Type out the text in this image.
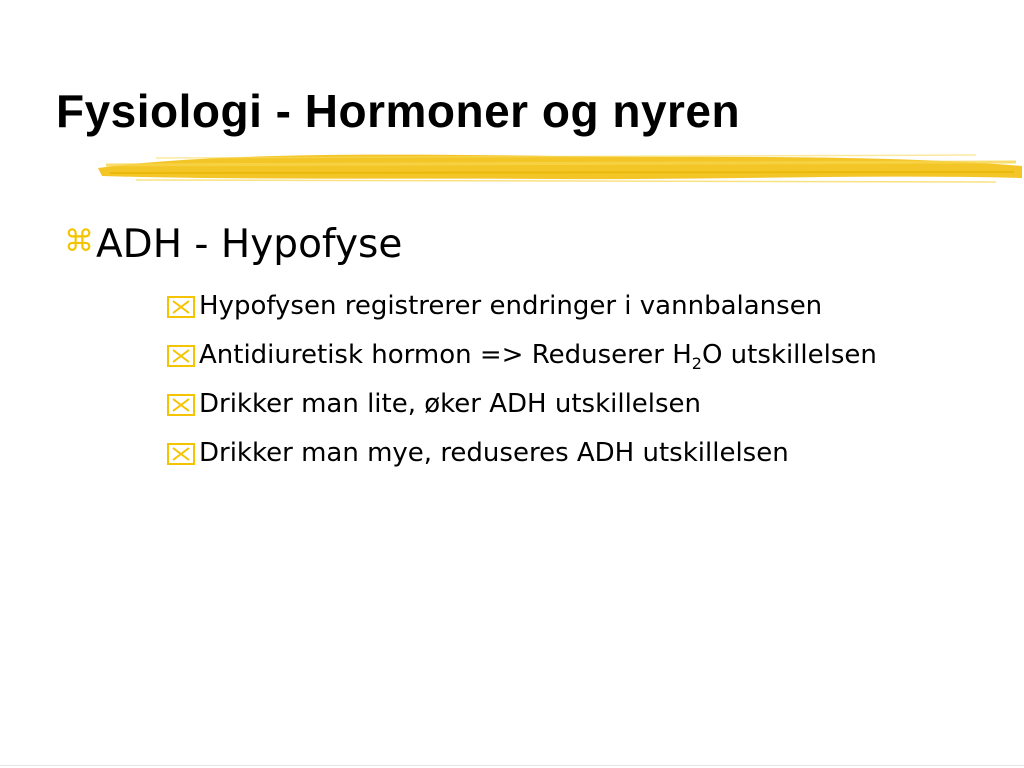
Fysiologi - Hormoner og nyren
⌘ADH - Hypofyse
Hypofysen registrerer endringer i vannbalansen
Antidiuretisk hormon => Reduserer $H_2O$ utskillelsen
Drikker man lite, øker ADH utskillelsen
Drikker man mye, reduseres ADH utskillelsen
